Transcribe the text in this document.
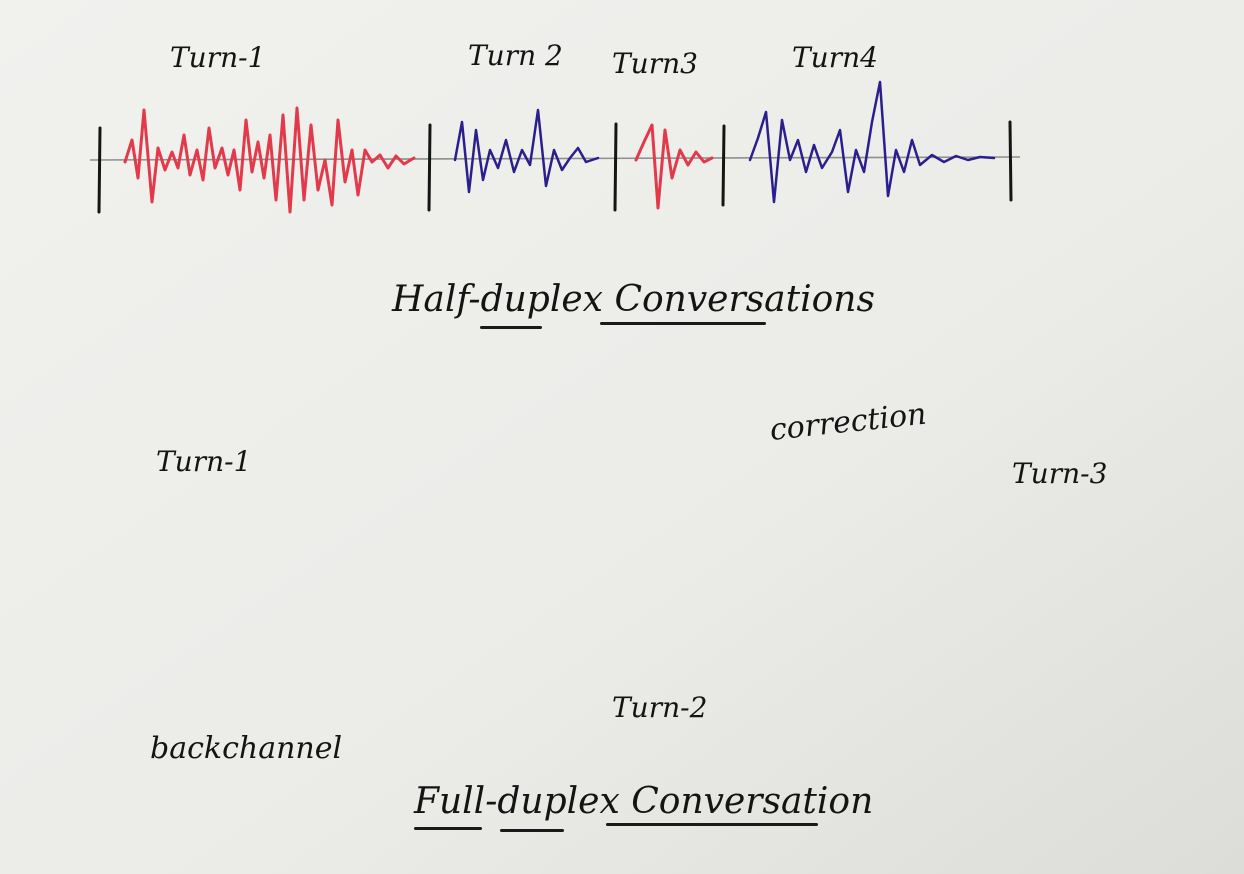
Turn-1	Turn 2 Turn3	Turn4
Half-duplex Conversations
Turn-1
Turn-2
Turn-3
correction
backchannel
Full-duplex Conversation
